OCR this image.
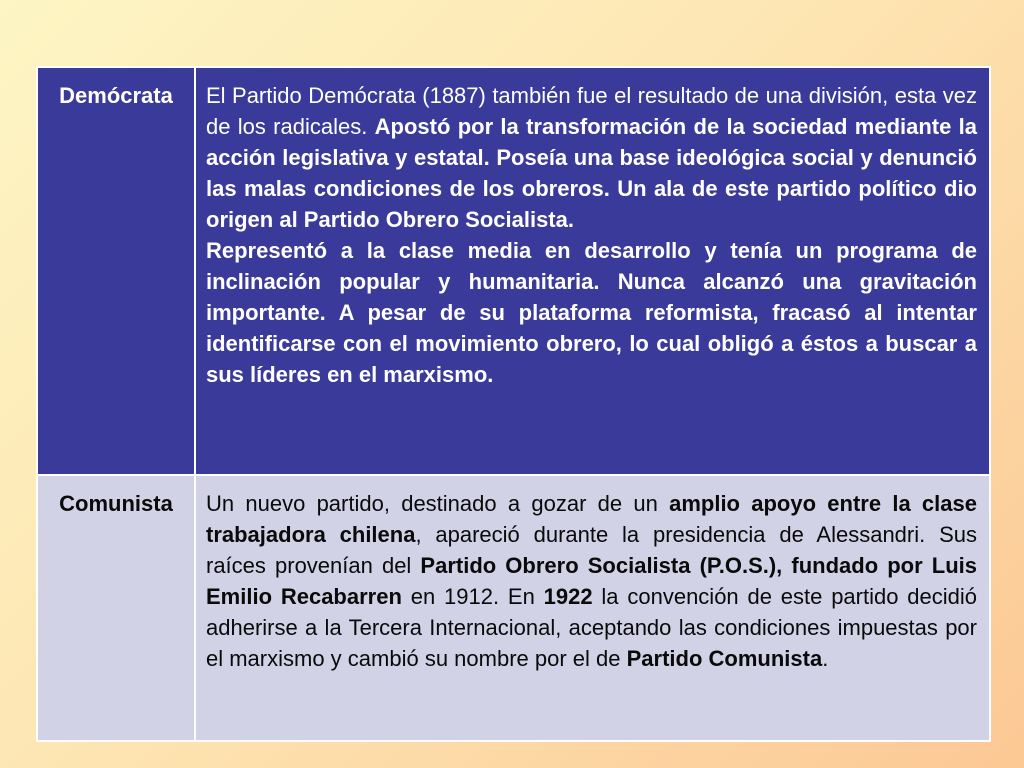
Demócrata	El Partido Demócrata (1887) también fue el resultado de una división, esta vez de los radicales. Apostó por la transformación de la sociedad mediante la acción legislativa y estatal. Poseía una base ideológica social y denunció las malas condiciones de los obreros. Un ala de este partido político dio origen al Partido Obrero Socialista.

Representó a la clase media en desarrollo y tenía un programa de inclinación popular y humanitaria. Nunca alcanzó una gravitación importante. A pesar de su plataforma reformista, fracasó al intentar identificarse con el movimiento obrero, lo cual obligó a éstos a buscar a sus líderes en el marxismo.

Comunista	Un nuevo partido, destinado a gozar de un amplio apoyo entre la clase trabajadora chilena, apareció durante la presidencia de Alessandri. Sus raíces provenían del Partido Obrero Socialista (P.O.S.), fundado por Luis Emilio Recabarren en 1912. En 1922 la convención de este partido decidió adherirse a la Tercera Internacional, aceptando las condiciones impuestas por el marxismo y cambió su nombre por el de Partido Comunista.
